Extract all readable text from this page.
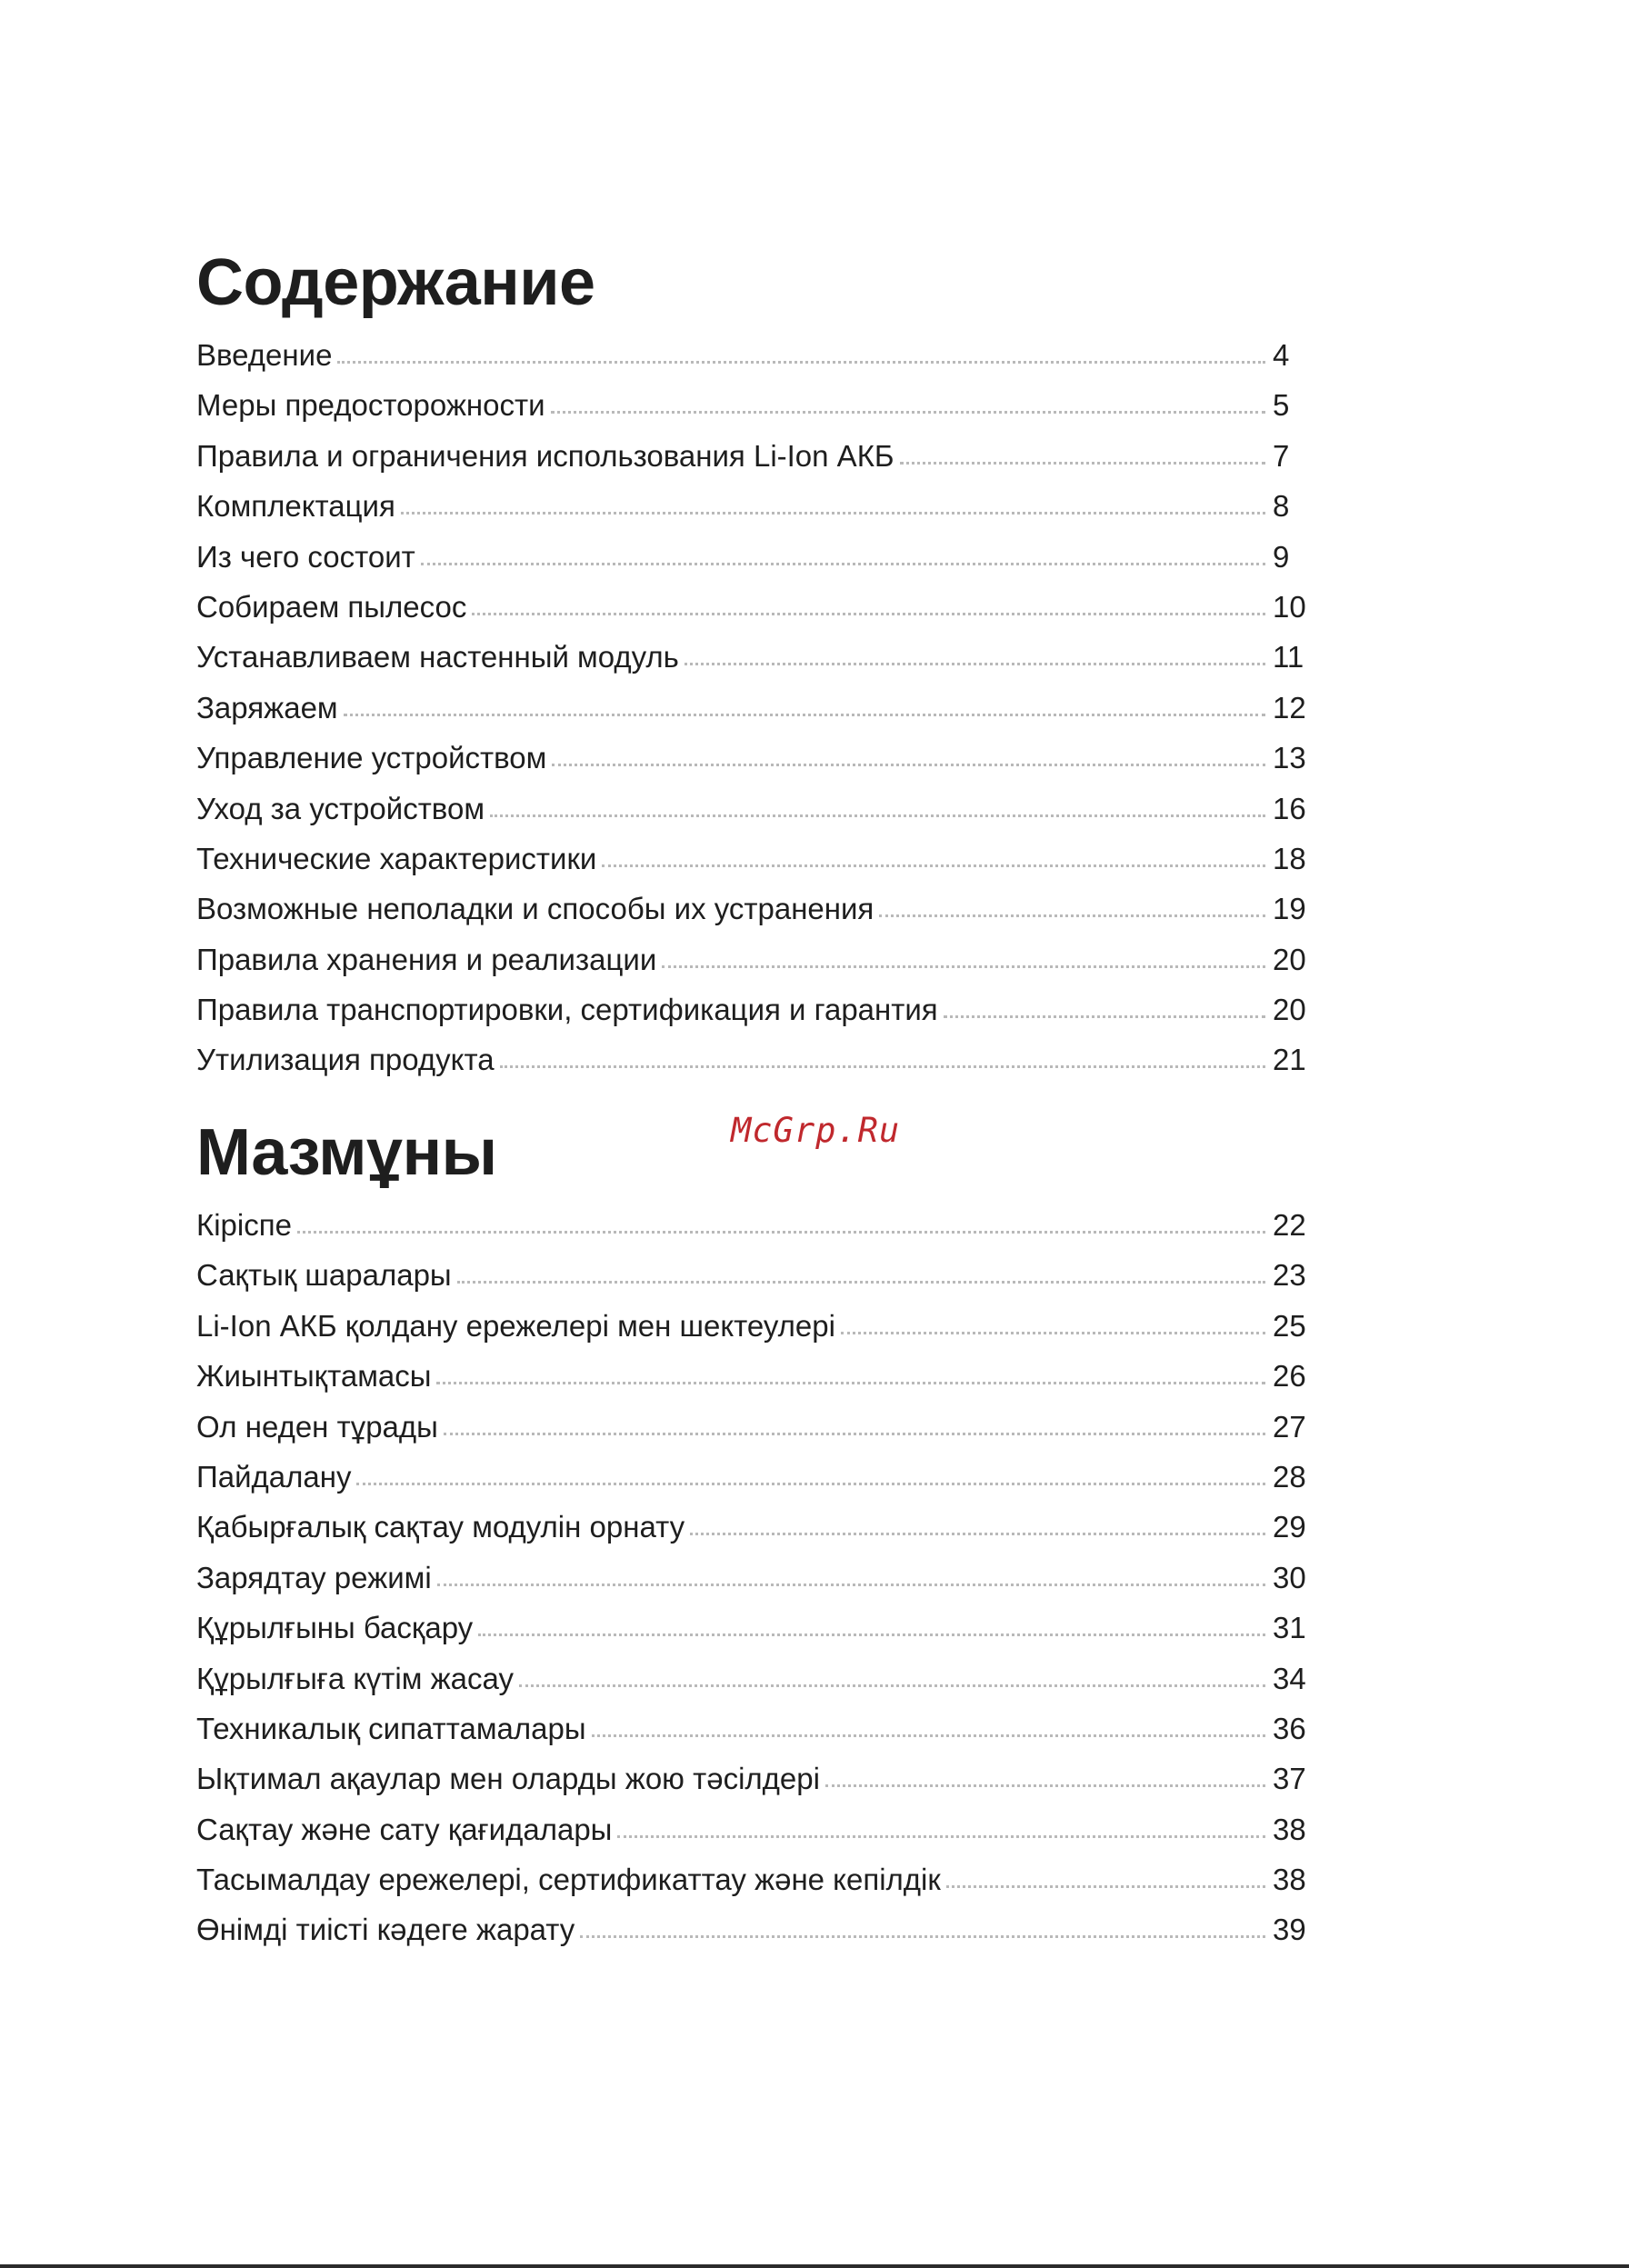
Содержание
Введение	4
Меры предосторожности	5
Правила и ограничения использования Li-Ion АКБ	7
Комплектация	8
Из чего состоит	9
Собираем пылесос	10
Устанавливаем настенный модуль	11
Заряжаем	12
Управление устройством	13
Уход за устройством	16
Технические характеристики	18
Возможные неполадки и способы их устранения	19
Правила хранения и реализации	20
Правила транспортировки, сертификация и гарантия	20
Утилизация продукта	21
McGrp.Ru
Мазмұны
Кіріспе	22
Сақтық шаралары	23
Li-Ion АКБ қолдану ережелері мен шектеулері	25
Жиынтықтамасы	26
Ол неден тұрады	27
Пайдалану	28
Қабырғалық сақтау модулін орнату	29
Зарядтау режимі	30
Құрылғыны басқару	31
Құрылғыға күтім жасау	34
Техникалық сипаттамалары	36
Ықтимал ақаулар мен оларды жою тәсілдері	37
Сақтау және сату қағидалары	38
Тасымалдау ережелері, сертификаттау және кепілдік	38
Өнімді тиісті кәдеге жарату	39
